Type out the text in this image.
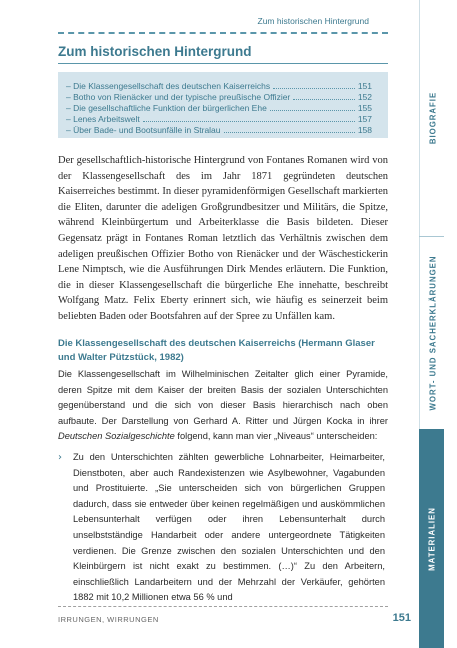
Zum historischen Hintergrund
Zum historischen Hintergrund
– Die Klassengesellschaft des deutschen Kaiserreichs	151
– Botho von Rienäcker und der typische preußische Offizier	152
– Die gesellschaftliche Funktion der bürgerlichen Ehe	155
– Lenes Arbeitswelt	157
– Über Bade- und Bootsunfälle in Stralau	158

Der gesellschaftlich-historische Hintergrund von Fontanes Romanen wird von der Klassengesellschaft des im Jahr 1871 gegründeten deutschen Kaiserreiches bestimmt. In dieser pyramidenförmigen Gesellschaft markierten die Eliten, darunter die adeligen Großgrundbesitzer und Militärs, die Spitze, während Kleinbürgertum und Arbeiterklasse die Basis bildeten. Dieser Gegensatz prägt in Fontanes Roman letztlich das Verhältnis zwischen dem adeligen preußischen Offizier Botho von Rienäcker und der Wäschestickerin Lene Nimptsch, wie die Ausführungen Dirk Mendes erläutern. Die Funktion, die in dieser Klassengesellschaft die bürgerliche Ehe innehatte, beschreibt Wolfgang Matz. Felix Eberty erinnert sich, wie häufig es seinerzeit beim beliebten Baden oder Bootsfahren auf der Spree zu Unfällen kam.

Die Klassengesellschaft des deutschen Kaiserreichs (Hermann Glaser und Walter Pützstück, 1982)

Die Klassengesellschaft im Wilhelminischen Zeitalter glich einer Pyramide, deren Spitze mit dem Kaiser der breiten Basis der sozialen Unterschichten gegenüberstand und die sich von dieser Basis hierarchisch nach oben aufbaute. Der Darstellung von Gerhard A. Ritter und Jürgen Kocka in ihrer Deutschen Sozialgeschichte folgend, kann man vier „Niveaus“ unterscheiden:

› Zu den Unterschichten zählten gewerbliche Lohnarbeiter, Heimarbeiter, Dienstboten, aber auch Randexistenzen wie Asylbewohner, Vagabunden und Prostituierte. „Sie unterscheiden sich von bürgerlichen Gruppen dadurch, dass sie entweder über keinen regelmäßigen und auskömmlichen Lebensunterhalt verfügen oder ihren Lebensunterhalt durch unselbstständige Handarbeit oder andere untergeordnete Tätigkeiten verdienen. Die Grenze zwischen den sozialen Unterschichten und den Kleinbürgern ist nicht exakt zu bestimmen. (…)“ Zu den Arbeitern, einschließlich Landarbeitern und der Mehrzahl der Verkäufer, gehörten 1882 mit 10,2 Millionen etwa 56 % und

IRRUNGEN, WIRRUNGEN	151
BIOGRAFIE
WORT- UND SACHERKLÄRUNGEN
MATERIALIEN
